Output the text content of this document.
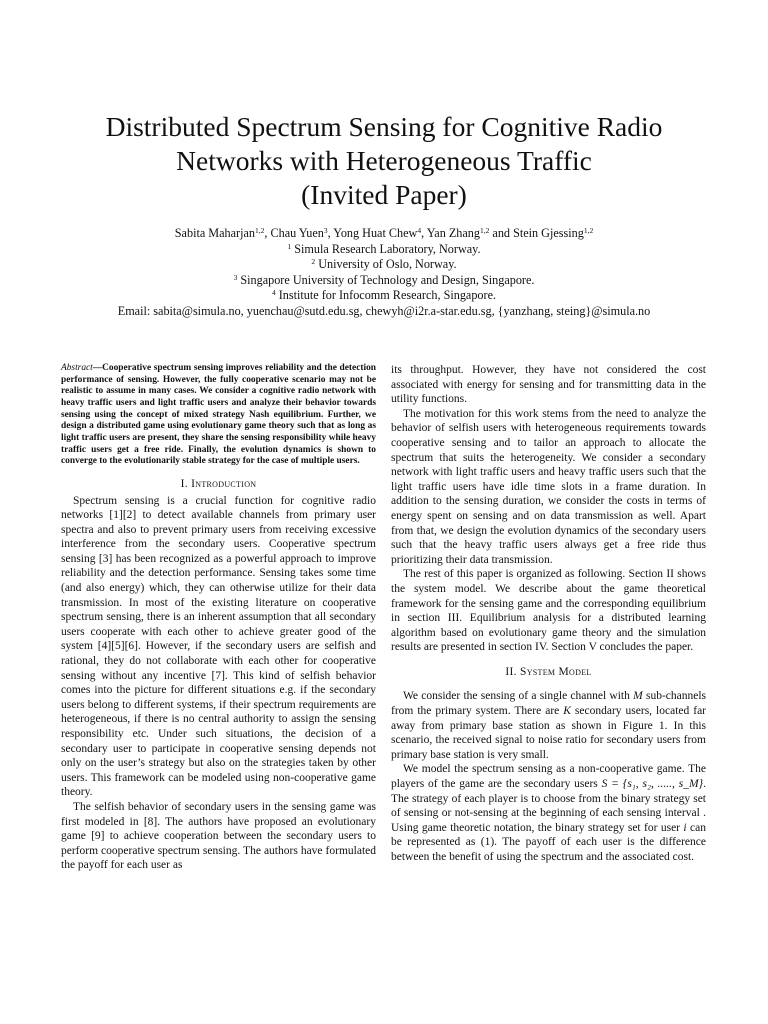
Distributed Spectrum Sensing for Cognitive Radio
Networks with Heterogeneous Traffic
(Invited Paper)
Sabita Maharjan$^{1,2}$, Chau Yuen$^3$, Yong Huat Chew$^4$, Yan Zhang$^{1,2}$ and Stein Gjessing$^{1,2}$
$^1$ Simula Research Laboratory, Norway.
$^2$ University of Oslo, Norway.
$^3$ Singapore University of Technology and Design, Singapore.
$^4$ Institute for Infocomm Research, Singapore.
Email: sabita@simula.no, yuenchau@sutd.edu.sg, chewyh@i2r.a-star.edu.sg, {yanzhang, steing}@simula.no
Abstract—Cooperative spectrum sensing improves reliability and the detection performance of sensing. However, the fully cooperative scenario may not be realistic to assume in many cases. We consider a cognitive radio network with heavy traffic users and light traffic users and analyze their behavior towards sensing using the concept of mixed strategy Nash equilibrium. Further, we design a distributed game using evolutionary game theory such that as long as light traffic users are present, they share the sensing responsibility while heavy traffic users get a free ride. Finally, the evolution dynamics is shown to converge to the evolutionarily stable strategy for the case of multiple users.
I. Introduction

Spectrum sensing is a crucial function for cognitive radio networks [1][2] to detect available channels from primary user spectra and also to prevent primary users from receiving excessive interference from the secondary users. Cooperative spectrum sensing [3] has been recognized as a powerful approach to improve reliability and the detection performance. Sensing takes some time (and also energy) which, they can otherwise utilize for their data transmission. In most of the existing literature on cooperative spectrum sensing, there is an inherent assumption that all secondary users cooperate with each other to achieve greater good of the system [4][5][6]. However, if the secondary users are selfish and rational, they do not collaborate with each other for cooperative sensing without any incentive [7]. This kind of selfish behavior comes into the picture for different situations e.g. if the secondary users belong to different systems, if their spectrum requirements are heterogeneous, if there is no central authority to assign the sensing responsibility etc. Under such situations, the decision of a secondary user to participate in cooperative sensing depends not only on the user’s strategy but also on the strategies taken by other users. This framework can be modeled using non-cooperative game theory.

The selfish behavior of secondary users in the sensing game was first modeled in [8]. The authors have proposed an evolutionary game [9] to achieve cooperation between the secondary users to perform cooperative spectrum sensing. The authors have formulated the payoff for each user as

its throughput. However, they have not considered the cost associated with energy for sensing and for transmitting data in the utility functions.

The motivation for this work stems from the need to analyze the behavior of selfish users with heterogeneous requirements towards cooperative sensing and to tailor an approach to allocate the spectrum that suits the heterogeneity. We consider a secondary network with light traffic users and heavy traffic users such that the light traffic users have idle time slots in a frame duration. In addition to the sensing duration, we consider the costs in terms of energy spent on sensing and on data transmission as well. Apart from that, we design the evolution dynamics of the secondary users such that the heavy traffic users always get a free ride thus prioritizing their data transmission.

The rest of this paper is organized as following. Section II shows the system model. We describe about the game theoretical framework for the sensing game and the corresponding equilibrium in section III. Equilibrium analysis for a distributed learning algorithm based on evolutionary game theory and the simulation results are presented in section IV. Section V concludes the paper.

II. System Model

We consider the sensing of a single channel with M sub-channels from the primary system. There are K secondary users, located far away from primary base station as shown in Figure 1. In this scenario, the received signal to noise ratio for secondary users from primary base station is very small.

We model the spectrum sensing as a non-cooperative game. The players of the game are the secondary users S = {s₁, s₂, ....., s_M}. The strategy of each player is to choose from the binary strategy set of sensing or not-sensing at the beginning of each sensing interval . Using game theoretic notation, the binary strategy set for user i can be represented as (1). The payoff of each user is the difference between the benefit of using the spectrum and the associated cost.
